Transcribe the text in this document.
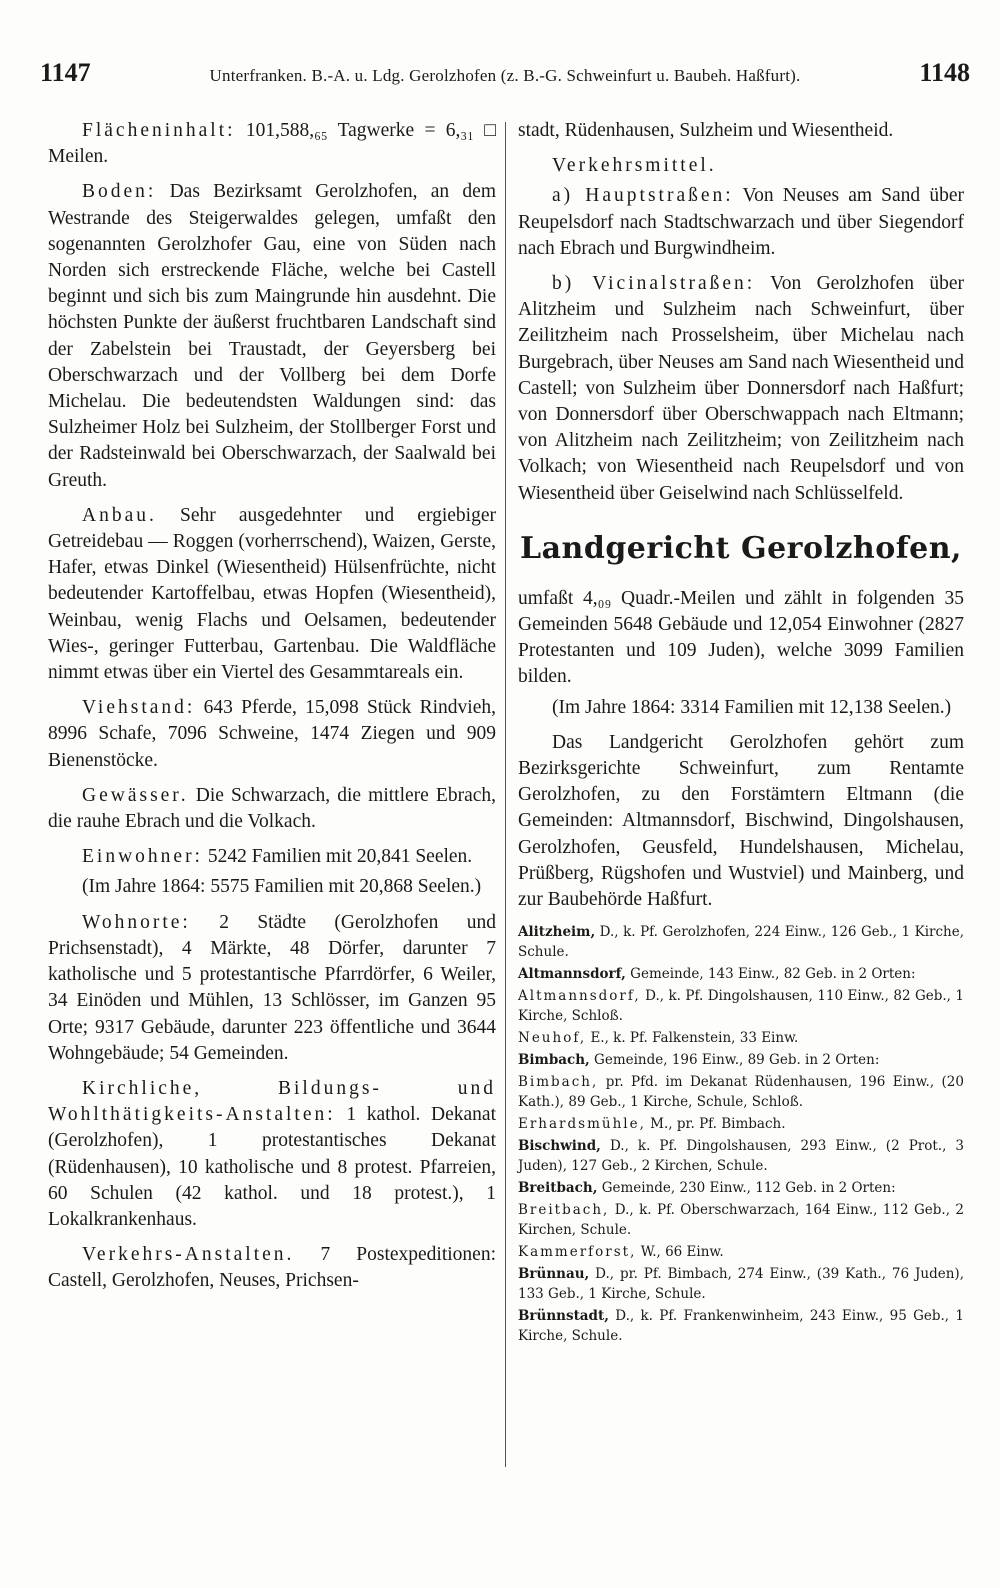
1147	Unterfranken. B.-A. u. Ldg. Gerolzhofen (z. B.-G. Schweinfurt u. Baubeh. Haßfurt).	1148

Flächeninhalt: 101,588,₆₅ Tagwerke = 6,₃₁ □ Meilen.

Boden: Das Bezirksamt Gerolzhofen, an dem Westrande des Steigerwaldes gelegen, umfaßt den sogenannten Gerolzhofer Gau, eine von Süden nach Norden sich erstreckende Fläche, welche bei Castell beginnt und sich bis zum Maingrunde hin ausdehnt. Die höchsten Punkte der äußerst fruchtbaren Landschaft sind der Zabelstein bei Traustadt, der Geyersberg bei Oberschwarzach und der Vollberg bei dem Dorfe Michelau. Die bedeutendsten Waldungen sind: das Sulzheimer Holz bei Sulzheim, der Stollberger Forst und der Radsteinwald bei Oberschwarzach, der Saalwald bei Greuth.

Anbau. Sehr ausgedehnter und ergiebiger Getreidebau — Roggen (vorherrschend), Waizen, Gerste, Hafer, etwas Dinkel (Wiesentheid) Hülsenfrüchte, nicht bedeutender Kartoffelbau, etwas Hopfen (Wiesentheid), Weinbau, wenig Flachs und Oelsamen, bedeutender Wies-, geringer Futterbau, Gartenbau. Die Waldfläche nimmt etwas über ein Viertel des Gesammtareals ein.

Viehstand: 643 Pferde, 15,098 Stück Rindvieh, 8996 Schafe, 7096 Schweine, 1474 Ziegen und 909 Bienenstöcke.

Gewässer. Die Schwarzach, die mittlere Ebrach, die rauhe Ebrach und die Volkach.

Einwohner: 5242 Familien mit 20,841 Seelen.

(Im Jahre 1864: 5575 Familien mit 20,868 Seelen.)

Wohnorte: 2 Städte (Gerolzhofen und Prichsenstadt), 4 Märkte, 48 Dörfer, darunter 7 katholische und 5 protestantische Pfarrdörfer, 6 Weiler, 34 Einöden und Mühlen, 13 Schlösser, im Ganzen 95 Orte; 9317 Gebäude, darunter 223 öffentliche und 3644 Wohngebäude; 54 Gemeinden.

Kirchliche, Bildungs- und Wohlthätigkeits-Anstalten: 1 kathol. Dekanat (Gerolzhofen), 1 protestantisches Dekanat (Rüdenhausen), 10 katholische und 8 protest. Pfarreien, 60 Schulen (42 kathol. und 18 protest.), 1 Lokalkrankenhaus.

Verkehrs-Anstalten. 7 Postexpeditionen: Castell, Gerolzhofen, Neuses, Prichsen-

stadt, Rüdenhausen, Sulzheim und Wiesentheid.

Verkehrsmittel.

a) Hauptstraßen: Von Neuses am Sand über Reupelsdorf nach Stadtschwarzach und über Siegendorf nach Ebrach und Burgwindheim.

b) Vicinalstraßen: Von Gerolzhofen über Alitzheim und Sulzheim nach Schweinfurt, über Zeilitzheim nach Prosselsheim, über Michelau nach Burgebrach, über Neuses am Sand nach Wiesentheid und Castell; von Sulzheim über Donnersdorf nach Haßfurt; von Donnersdorf über Oberschwappach nach Eltmann; von Alitzheim nach Zeilitzheim; von Zeilitzheim nach Volkach; von Wiesentheid nach Reupelsdorf und von Wiesentheid über Geiselwind nach Schlüsselfeld.

Landgericht Gerolzhofen,

umfaßt 4,₀₉ Quadr.-Meilen und zählt in folgenden 35 Gemeinden 5648 Gebäude und 12,054 Einwohner (2827 Protestanten und 109 Juden), welche 3099 Familien bilden.

(Im Jahre 1864: 3314 Familien mit 12,138 Seelen.)

Das Landgericht Gerolzhofen gehört zum Bezirksgerichte Schweinfurt, zum Rentamte Gerolzhofen, zu den Forstämtern Eltmann (die Gemeinden: Altmannsdorf, Bischwind, Dingolshausen, Gerolzhofen, Geusfeld, Hundelshausen, Michelau, Prüßberg, Rügshofen und Wustviel) und Mainberg, und zur Baubehörde Haßfurt.

Alitzheim, D., k. Pf. Gerolzhofen, 224 Einw., 126 Geb., 1 Kirche, Schule.

Altmannsdorf, Gemeinde, 143 Einw., 82 Geb. in 2 Orten:

Altmannsdorf, D., k. Pf. Dingolshausen, 110 Einw., 82 Geb., 1 Kirche, Schloß.

Neuhof, E., k. Pf. Falkenstein, 33 Einw.

Bimbach, Gemeinde, 196 Einw., 89 Geb. in 2 Orten:

Bimbach, pr. Pfd. im Dekanat Rüdenhausen, 196 Einw., (20 Kath.), 89 Geb., 1 Kirche, Schule, Schloß.

Erhardsmühle, M., pr. Pf. Bimbach.

Bischwind, D., k. Pf. Dingolshausen, 293 Einw., (2 Prot., 3 Juden), 127 Geb., 2 Kirchen, Schule.

Breitbach, Gemeinde, 230 Einw., 112 Geb. in 2 Orten:

Breitbach, D., k. Pf. Oberschwarzach, 164 Einw., 112 Geb., 2 Kirchen, Schule.

Kammerforst, W., 66 Einw.

Brünnau, D., pr. Pf. Bimbach, 274 Einw., (39 Kath., 76 Juden), 133 Geb., 1 Kirche, Schule.

Brünnstadt, D., k. Pf. Frankenwinheim, 243 Einw., 95 Geb., 1 Kirche, Schule.
